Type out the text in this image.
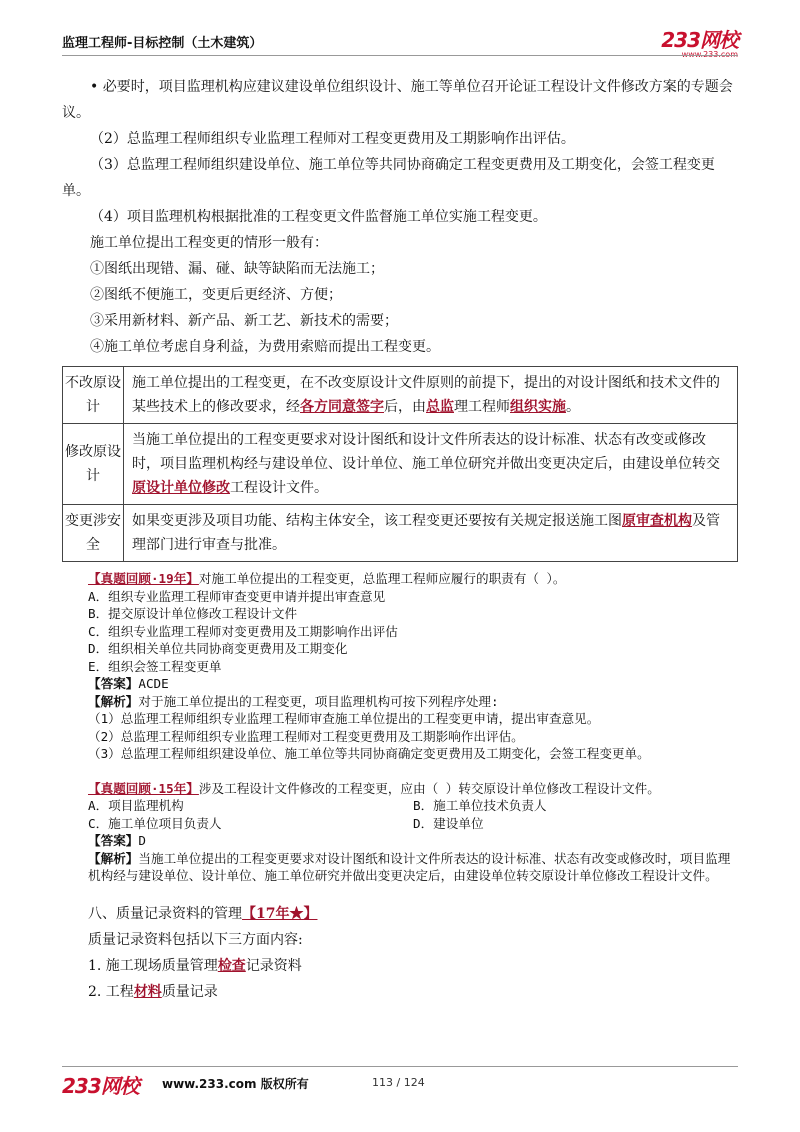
监理工程师-目标控制（土木建筑）	233网校
www.233.com

• 必要时，项目监理机构应建议建设单位组织设计、施工等单位召开论证工程设计文件修改方案的专题会议。

（2）总监理工程师组织专业监理工程师对工程变更费用及工期影响作出评估。

（3）总监理工程师组织建设单位、施工单位等共同协商确定工程变更费用及工期变化，会签工程变更单。

（4）项目监理机构根据批准的工程变更文件监督施工单位实施工程变更。

施工单位提出工程变更的情形一般有：

①图纸出现错、漏、碰、缺等缺陷而无法施工；

②图纸不便施工，变更后更经济、方便；

③采用新材料、新产品、新工艺、新技术的需要；

④施工单位考虑自身利益，为费用索赔而提出工程变更。

不改原设计	施工单位提出的工程变更，在不改变原设计文件原则的前提下，提出的对设计图纸和技术文件的某些技术上的修改要求，经各方同意签字后，由总监理工程师组织实施。
修改原设计	当施工单位提出的工程变更要求对设计图纸和设计文件所表达的设计标准、状态有改变或修改时，项目监理机构经与建设单位、设计单位、施工单位研究并做出变更决定后，由建设单位转交原设计单位修改工程设计文件。
变更涉安全	如果变更涉及项目功能、结构主体安全，该工程变更还要按有关规定报送施工图原审查机构及管理部门进行审查与批准。

【真题回顾·19年】对施工单位提出的工程变更，总监理工程师应履行的职责有（ ）。

A．组织专业监理工程师审查变更申请并提出审查意见

B．提交原设计单位修改工程设计文件

C．组织专业监理工程师对变更费用及工期影响作出评估

D．组织相关单位共同协商变更费用及工期变化

E．组织会签工程变更单

【答案】ACDE

【解析】对于施工单位提出的工程变更，项目监理机构可按下列程序处理:

（1）总监理工程师组织专业监理工程师审查施工单位提出的工程变更申请，提出审查意见。

（2）总监理工程师组织专业监理工程师对工程变更费用及工期影响作出评估。

（3）总监理工程师组织建设单位、施工单位等共同协商确定变更费用及工期变化，会签工程变更单。

【真题回顾·15年】涉及工程设计文件修改的工程变更，应由（ ）转交原设计单位修改工程设计文件。

A．项目监理机构	B．施工单位技术负责人
C．施工单位项目负责人	D．建设单位

【答案】D

【解析】当施工单位提出的工程变更要求对设计图纸和设计文件所表达的设计标准、状态有改变或修改时，项目监理机构经与建设单位、设计单位、施工单位研究并做出变更决定后，由建设单位转交原设计单位修改工程设计文件。

八、质量记录资料的管理【17年★】

质量记录资料包括以下三方面内容:

1. 施工现场质量管理检查记录资料

2. 工程材料质量记录

233网校 www.233.com 版权所有	113 / 124
